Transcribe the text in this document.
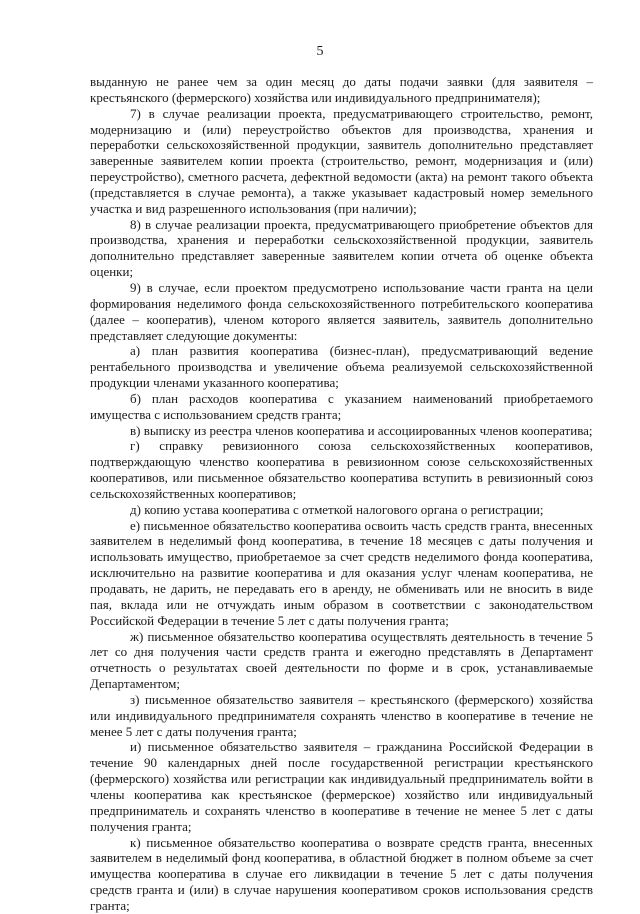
5

выданную не ранее чем за один месяц до даты подачи заявки (для заявителя – крестьянского (фермерского) хозяйства или индивидуального предпринимателя);

7) в случае реализации проекта, предусматривающего строительство, ремонт, модернизацию и (или) переустройство объектов для производства, хранения и переработки сельскохозяйственной продукции, заявитель дополнительно представляет заверенные заявителем копии проекта (строительство, ремонт, модернизация и (или) переустройство), сметного расчета, дефектной ведомости (акта) на ремонт такого объекта (представляется в случае ремонта), а также указывает кадастровый номер земельного участка и вид разрешенного использования (при наличии);

8) в случае реализации проекта, предусматривающего приобретение объектов для производства, хранения и переработки сельскохозяйственной продукции, заявитель дополнительно представляет заверенные заявителем копии отчета об оценке объекта оценки;

9) в случае, если проектом предусмотрено использование части гранта на цели формирования неделимого фонда сельскохозяйственного потребительского кооператива (далее – кооператив), членом которого является заявитель, заявитель дополнительно представляет следующие документы:

а) план развития кооператива (бизнес-план), предусматривающий ведение рентабельного производства и увеличение объема реализуемой сельскохозяйственной продукции членами указанного кооператива;

б) план расходов кооператива с указанием наименований приобретаемого имущества с использованием средств гранта;

в) выписку из реестра членов кооператива и ассоциированных членов кооператива;

г) справку ревизионного союза сельскохозяйственных кооперативов, подтверждающую членство кооператива в ревизионном союзе сельскохозяйственных кооперативов, или письменное обязательство кооператива вступить в ревизионный союз сельскохозяйственных кооперативов;

д) копию устава кооператива с отметкой налогового органа о регистрации;

е) письменное обязательство кооператива освоить часть средств гранта, внесенных заявителем в неделимый фонд кооператива, в течение 18 месяцев с даты получения и использовать имущество, приобретаемое за счет средств неделимого фонда кооператива, исключительно на развитие кооператива и для оказания услуг членам кооператива, не продавать, не дарить, не передавать его в аренду, не обменивать или не вносить в виде пая, вклада или не отчуждать иным образом в соответствии с законодательством Российской Федерации в течение 5 лет с даты получения гранта;

ж) письменное обязательство кооператива осуществлять деятельность в течение 5 лет со дня получения части средств гранта и ежегодно представлять в Департамент отчетность о результатах своей деятельности по форме и в срок, устанавливаемые Департаментом;

з) письменное обязательство заявителя – крестьянского (фермерского) хозяйства или индивидуального предпринимателя сохранять членство в кооперативе в течение не менее 5 лет с даты получения гранта;

и) письменное обязательство заявителя – гражданина Российской Федерации в течение 90 календарных дней после государственной регистрации крестьянского (фермерского) хозяйства или регистрации как индивидуальный предприниматель войти в члены кооператива как крестьянское (фермерское) хозяйство или индивидуальный предприниматель и сохранять членство в кооперативе в течение не менее 5 лет с даты получения гранта;

к) письменное обязательство кооператива о возврате средств гранта, внесенных заявителем в неделимый фонд кооператива, в областной бюджет в полном объеме за счет имущества кооператива в случае его ликвидации в течение 5 лет с даты получения средств гранта и (или) в случае нарушения кооперативом сроков использования средств гранта;
